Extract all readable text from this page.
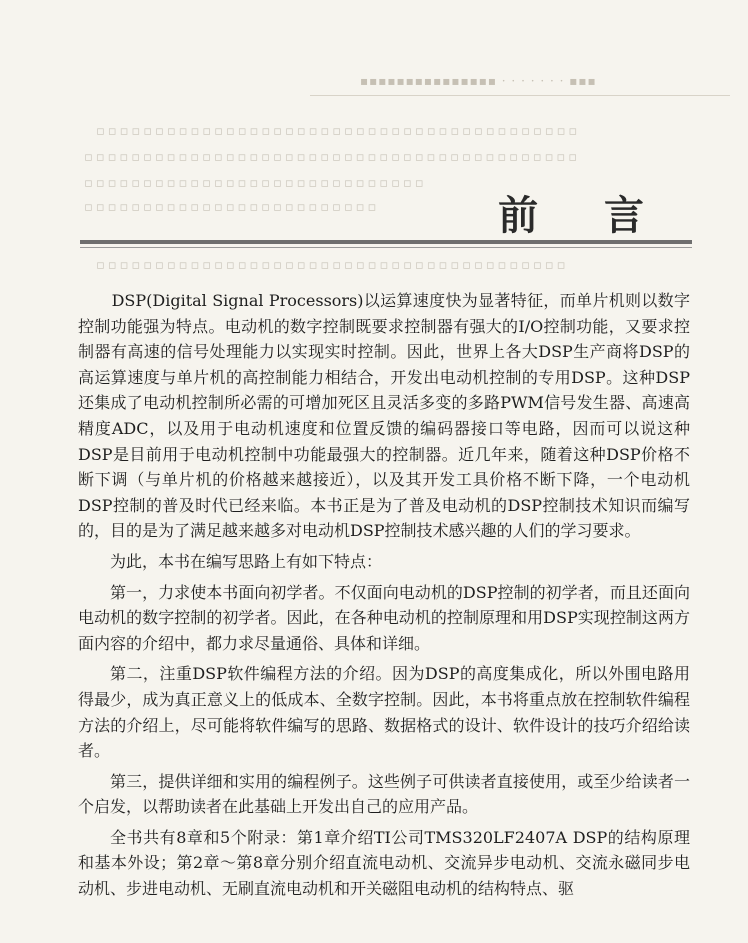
▪▪▪▪▪▪▪▪▪▪▪▪▪▪▪ · · · · · · · ▪▪▪
▫▫▫▫▫▫▫▫▫▫▫▫▫▫▫▫▫▫▫▫▫▫▫▫▫▫▫▫▫▫▫▫▫▫▫▫▫▫▫▫▫
▫▫▫▫▫▫▫▫▫▫▫▫▫▫▫▫▫▫▫▫▫▫▫▫▫▫▫▫▫▫▫▫▫▫▫▫▫▫▫▫▫▫
▫▫▫▫▫▫▫▫▫▫▫▫▫▫▫▫▫▫▫▫▫▫▫▫▫▫▫▫▫
▫▫▫▫▫▫▫▫▫▫▫▫▫▫▫▫▫▫▫▫▫▫▫▫▫
▫▫▫▫▫▫▫▫▫▫▫▫▫▫▫▫▫▫▫▫▫▫▫▫▫▫▫▫▫▫▫▫▫▫▫▫▫▫▫▫
前 言

DSP(Digital Signal Processors)以运算速度快为显著特征，而单片机则以数字控制功能强为特点。电动机的数字控制既要求控制器有强大的I/O控制功能，又要求控制器有高速的信号处理能力以实现实时控制。因此，世界上各大DSP生产商将DSP的高运算速度与单片机的高控制能力相结合，开发出电动机控制的专用DSP。这种DSP还集成了电动机控制所必需的可增加死区且灵活多变的多路PWM信号发生器、高速高精度ADC，以及用于电动机速度和位置反馈的编码器接口等电路，因而可以说这种DSP是目前用于电动机控制中功能最强大的控制器。近几年来，随着这种DSP价格不断下调（与单片机的价格越来越接近），以及其开发工具价格不断下降，一个电动机DSP控制的普及时代已经来临。本书正是为了普及电动机的DSP控制技术知识而编写的，目的是为了满足越来越多对电动机DSP控制技术感兴趣的人们的学习要求。

为此，本书在编写思路上有如下特点：

第一，力求使本书面向初学者。不仅面向电动机的DSP控制的初学者，而且还面向电动机的数字控制的初学者。因此，在各种电动机的控制原理和用DSP实现控制这两方面内容的介绍中，都力求尽量通俗、具体和详细。

第二，注重DSP软件编程方法的介绍。因为DSP的高度集成化，所以外围电路用得最少，成为真正意义上的低成本、全数字控制。因此，本书将重点放在控制软件编程方法的介绍上，尽可能将软件编写的思路、数据格式的设计、软件设计的技巧介绍给读者。

第三，提供详细和实用的编程例子。这些例子可供读者直接使用，或至少给读者一个启发，以帮助读者在此基础上开发出自己的应用产品。

全书共有8章和5个附录：第1章介绍TI公司TMS320LF2407A DSP的结构原理和基本外设；第2章～第8章分别介绍直流电动机、交流异步电动机、交流永磁同步电动机、步进电动机、无刷直流电动机和开关磁阻电动机的结构特点、驱
